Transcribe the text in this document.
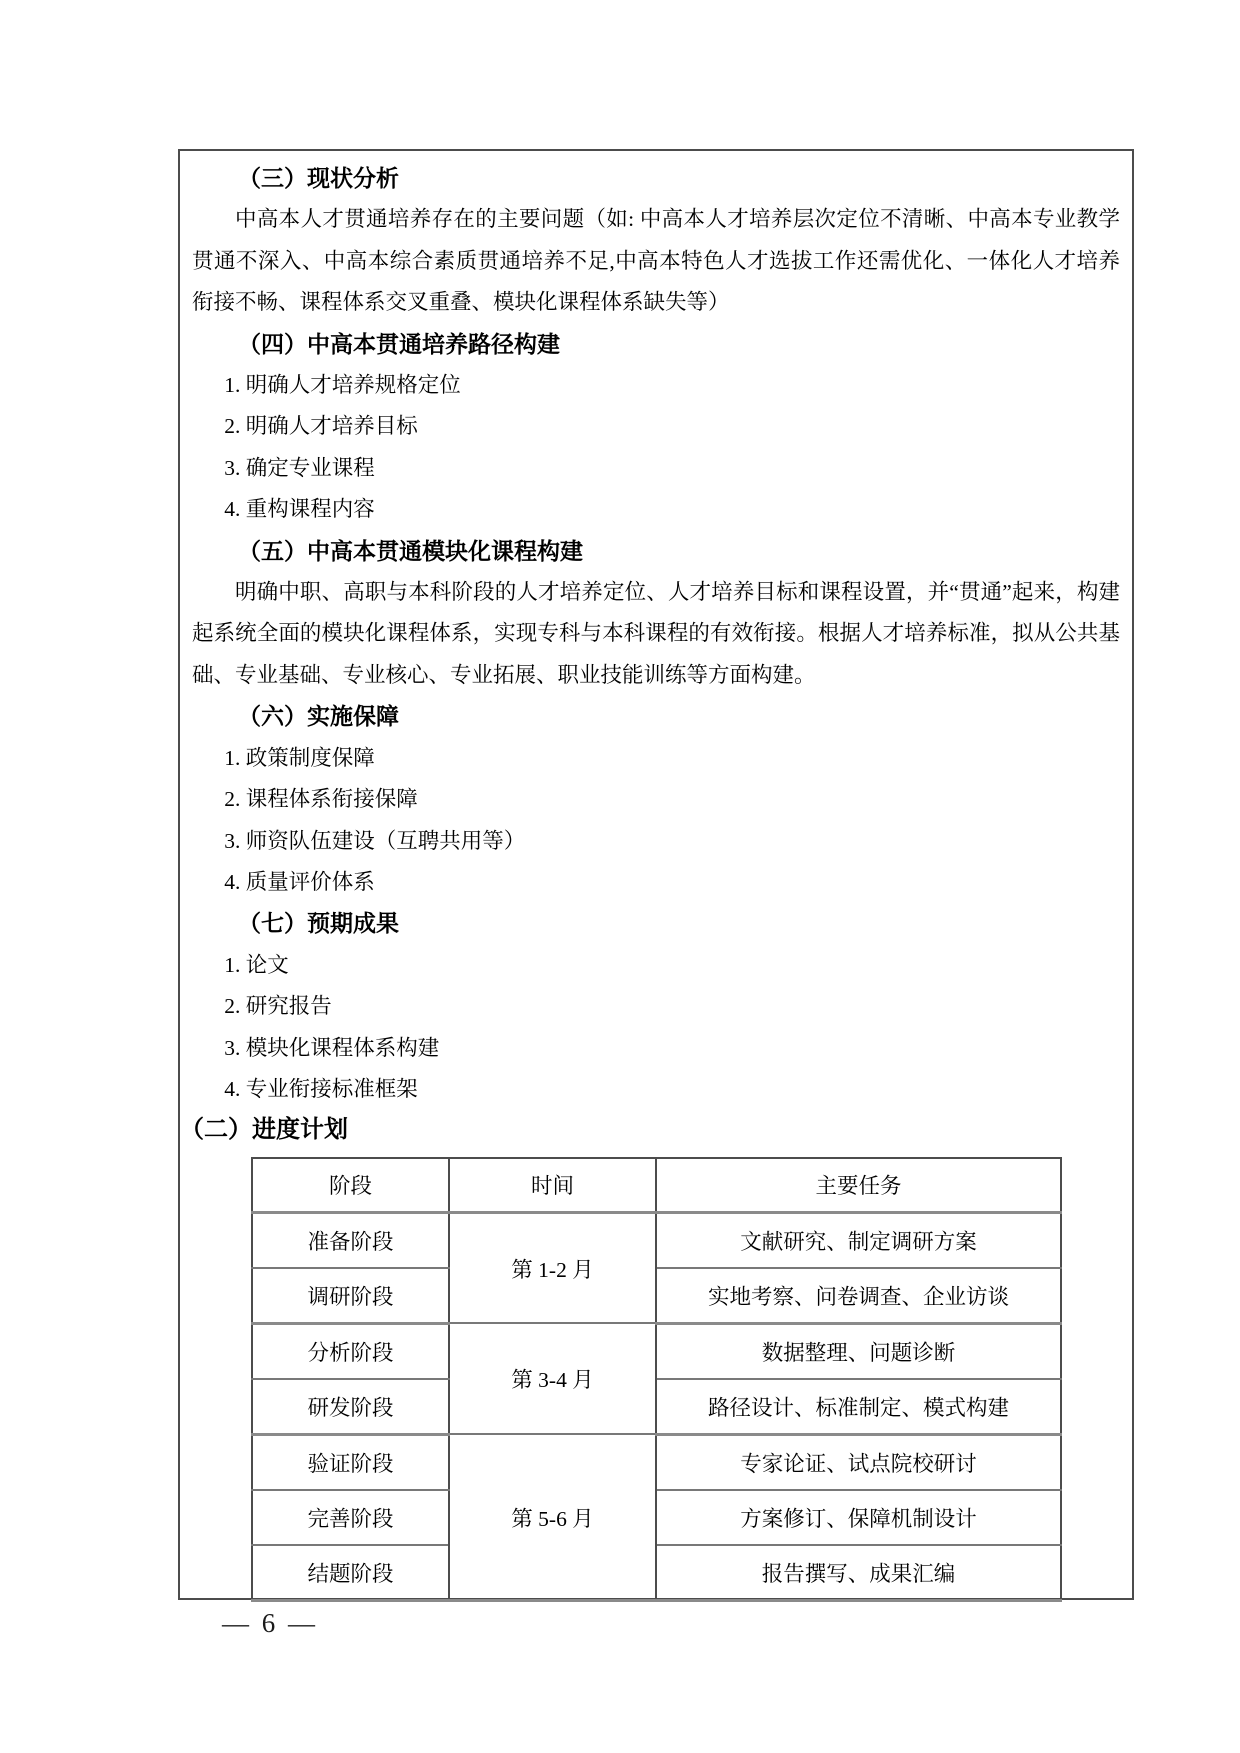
（三）现状分析

中高本人才贯通培养存在的主要问题（如: 中高本人才培养层次定位不清晰、中高本专业教学贯通不深入、中高本综合素质贯通培养不足,中高本特色人才选拔工作还需优化、一体化人才培养衔接不畅、课程体系交叉重叠、模块化课程体系缺失等）

（四）中高本贯通培养路径构建
1. 明确人才培养规格定位
2. 明确人才培养目标
3. 确定专业课程
4. 重构课程内容
（五）中高本贯通模块化课程构建

明确中职、高职与本科阶段的人才培养定位、人才培养目标和课程设置，并“贯通”起来，构建起系统全面的模块化课程体系，实现专科与本科课程的有效衔接。根据人才培养标准，拟从公共基础、专业基础、专业核心、专业拓展、职业技能训练等方面构建。

（六）实施保障
1. 政策制度保障
2. 课程体系衔接保障
3. 师资队伍建设（互聘共用等）
4. 质量评价体系
（七）预期成果
1. 论文
2. 研究报告
3. 模块化课程体系构建
4. 专业衔接标准框架
（二）进度计划
阶段	时间	主要任务
准备阶段	第 1-2 月	文献研究、制定调研方案
调研阶段		实地考察、问卷调查、企业访谈
分析阶段	第 3-4 月	数据整理、问题诊断
研发阶段		路径设计、标准制定、模式构建
验证阶段	第 5-6 月	专家论证、试点院校研讨
完善阶段		方案修订、保障机制设计
结题阶段		报告撰写、成果汇编
— 6 —
